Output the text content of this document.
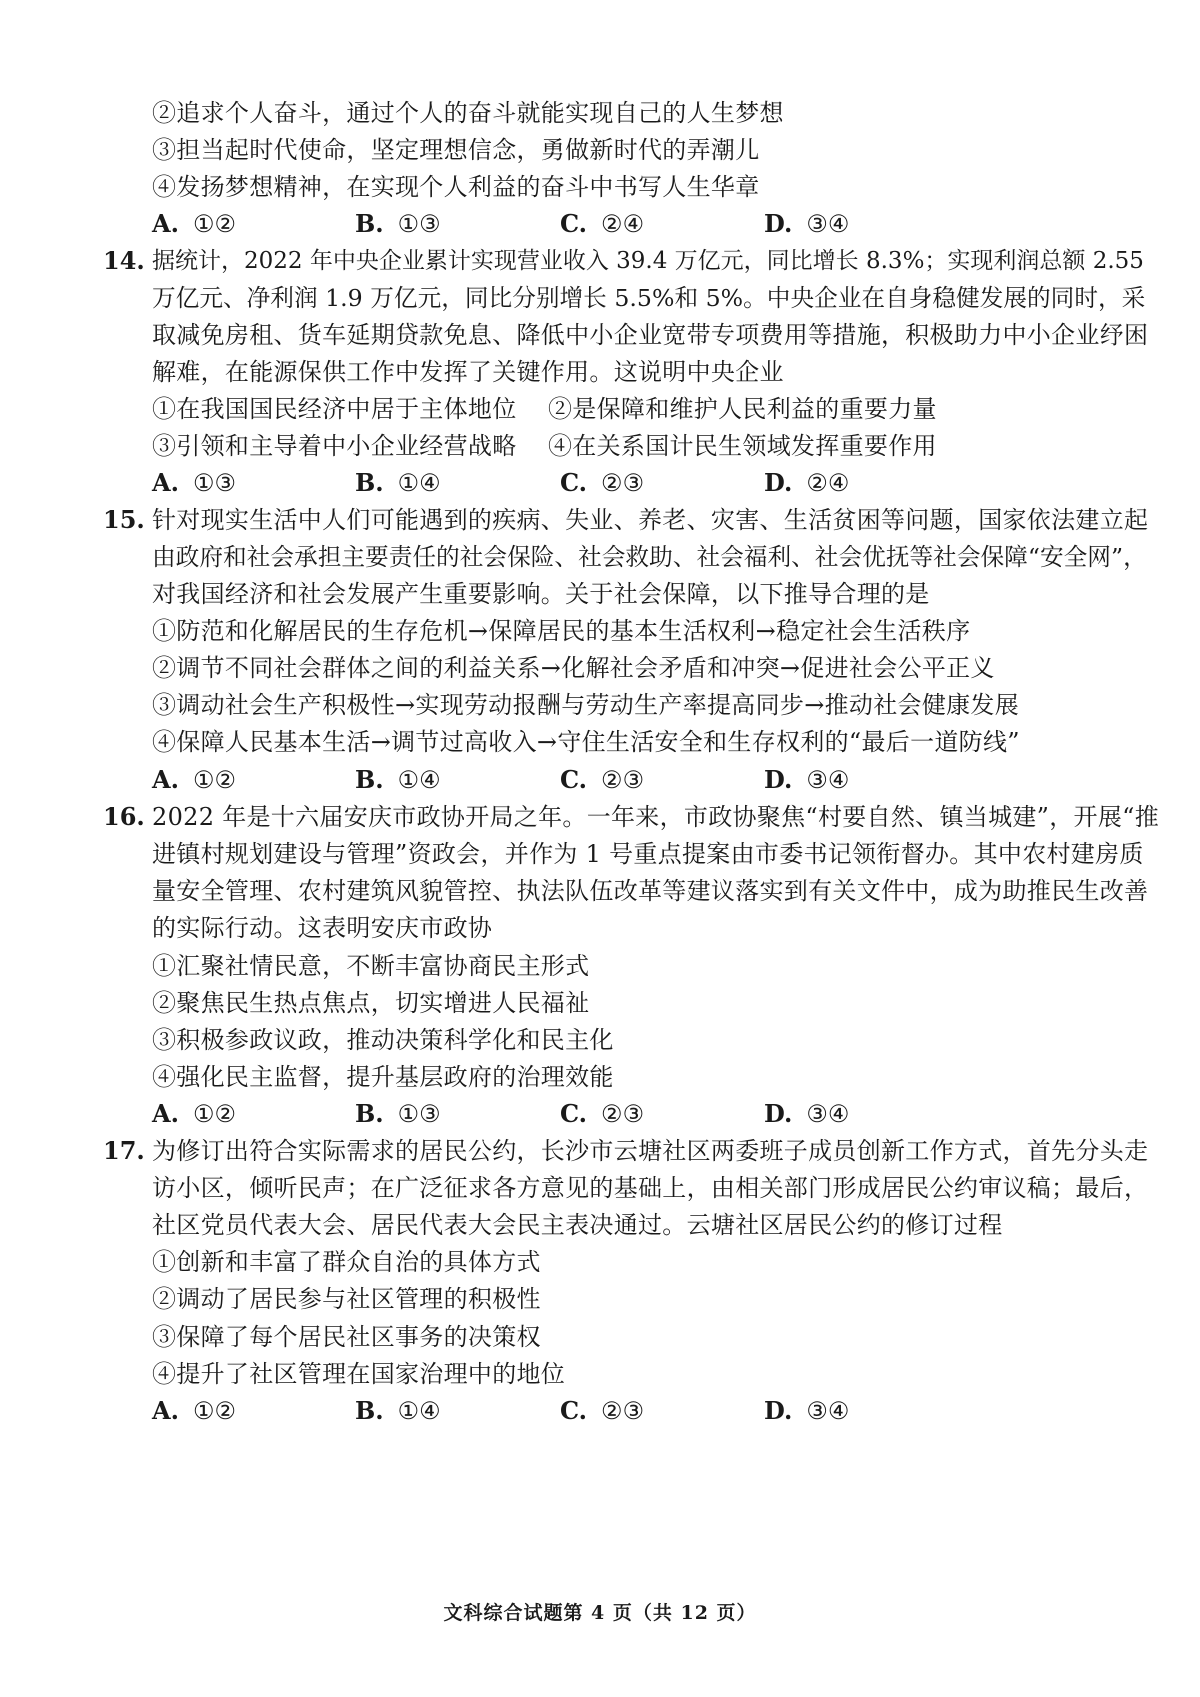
②追求个人奋斗，通过个人的奋斗就能实现自己的人生梦想
③担当起时代使命，坚定理想信念，勇做新时代的弄潮儿
④发扬梦想精神，在实现个人利益的奋斗中书写人生华章
A. ①②	B. ①③	C. ②④	D. ③④
14. 据统计，2022 年中央企业累计实现营业收入 39.4 万亿元，同比增长 8.3%；实现利润总额 2.55
万亿元、净利润 1.9 万亿元，同比分别增长 5.5%和 5%。中央企业在自身稳健发展的同时，采
取减免房租、货车延期贷款免息、降低中小企业宽带专项费用等措施，积极助力中小企业纾困
解难，在能源保供工作中发挥了关键作用。这说明中央企业
①在我国国民经济中居于主体地位 ②是保障和维护人民利益的重要力量
③引领和主导着中小企业经营战略 ④在关系国计民生领域发挥重要作用
A. ①③	B. ①④	C. ②③	D. ②④
15. 针对现实生活中人们可能遇到的疾病、失业、养老、灾害、生活贫困等问题，国家依法建立起
由政府和社会承担主要责任的社会保险、社会救助、社会福利、社会优抚等社会保障“安全网”，
对我国经济和社会发展产生重要影响。关于社会保障，以下推导合理的是
①防范和化解居民的生存危机→保障居民的基本生活权利→稳定社会生活秩序
②调节不同社会群体之间的利益关系→化解社会矛盾和冲突→促进社会公平正义
③调动社会生产积极性→实现劳动报酬与劳动生产率提高同步→推动社会健康发展
④保障人民基本生活→调节过高收入→守住生活安全和生存权利的“最后一道防线”
A. ①②	B. ①④	C. ②③	D. ③④
16. 2022 年是十六届安庆市政协开局之年。一年来，市政协聚焦“村要自然、镇当城建”，开展“推
进镇村规划建设与管理”资政会，并作为 1 号重点提案由市委书记领衔督办。其中农村建房质
量安全管理、农村建筑风貌管控、执法队伍改革等建议落实到有关文件中，成为助推民生改善
的实际行动。这表明安庆市政协
①汇聚社情民意，不断丰富协商民主形式
②聚焦民生热点焦点，切实增进人民福祉
③积极参政议政，推动决策科学化和民主化
④强化民主监督，提升基层政府的治理效能
A. ①②	B. ①③	C. ②③	D. ③④
17. 为修订出符合实际需求的居民公约，长沙市云塘社区两委班子成员创新工作方式，首先分头走
访小区，倾听民声；在广泛征求各方意见的基础上，由相关部门形成居民公约审议稿；最后，
社区党员代表大会、居民代表大会民主表决通过。云塘社区居民公约的修订过程
①创新和丰富了群众自治的具体方式
②调动了居民参与社区管理的积极性
③保障了每个居民社区事务的决策权
④提升了社区管理在国家治理中的地位
A. ①②	B. ①④	C. ②③	D. ③④
文科综合试题第 4 页（共 12 页）
